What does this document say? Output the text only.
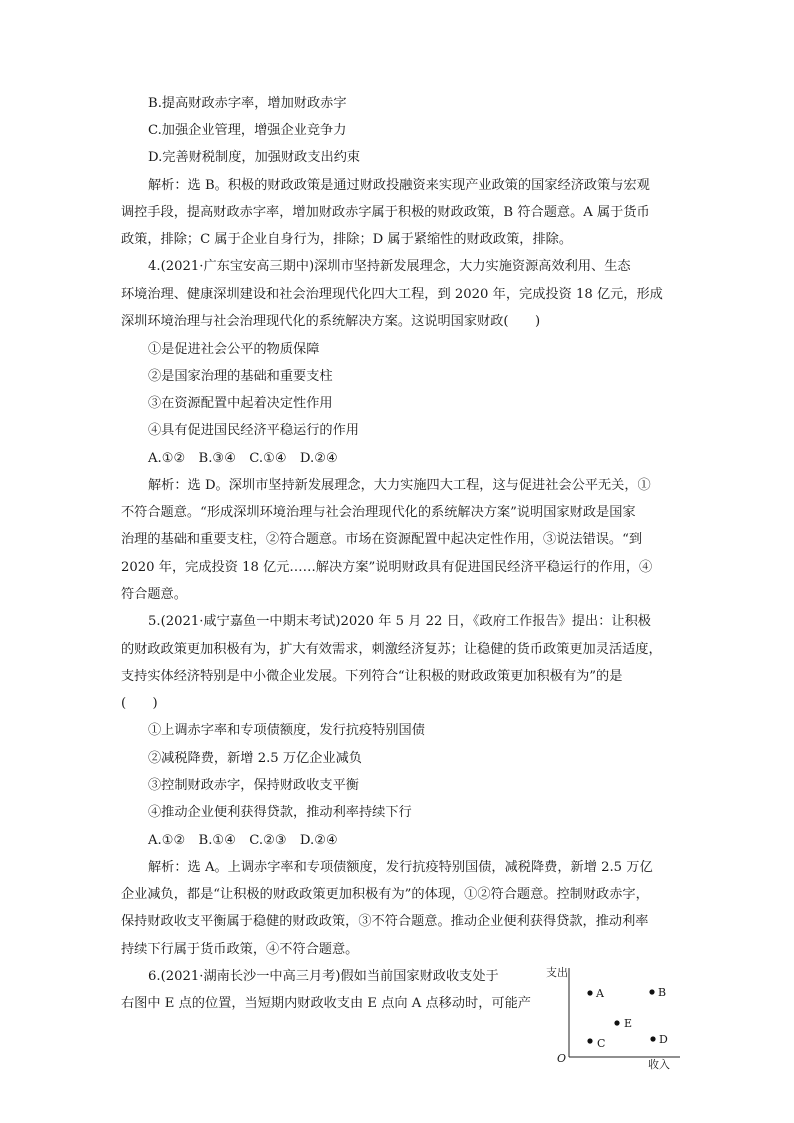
B.提高财政赤字率，增加财政赤字
C.加强企业管理，增强企业竞争力
D.完善财税制度，加强财政支出约束
解析：选 B。积极的财政政策是通过财政投融资来实现产业政策的国家经济政策与宏观
调控手段，提高财政赤字率，增加财政赤字属于积极的财政政策，B 符合题意。A 属于货币
政策，排除；C 属于企业自身行为，排除；D 属于紧缩性的财政政策，排除。
4.(2021·广东宝安高三期中)深圳市坚持新发展理念，大力实施资源高效利用、生态
环境治理、健康深圳建设和社会治理现代化四大工程，到 2020 年，完成投资 18 亿元，形成
深圳环境治理与社会治理现代化的系统解决方案。这说明国家财政(　　)
①是促进社会公平的物质保障
②是国家治理的基础和重要支柱
③在资源配置中起着决定性作用
④具有促进国民经济平稳运行的作用
A.①②　B.③④　C.①④　D.②④
解析：选 D。深圳市坚持新发展理念，大力实施四大工程，这与促进社会公平无关，①
不符合题意。“形成深圳环境治理与社会治理现代化的系统解决方案”说明国家财政是国家
治理的基础和重要支柱，②符合题意。市场在资源配置中起决定性作用，③说法错误。“到
2020 年，完成投资 18 亿元……解决方案”说明财政具有促进国民经济平稳运行的作用，④
符合题意。
5.(2021·咸宁嘉鱼一中期末考试)2020 年 5 月 22 日，《政府工作报告》提出：让积极
的财政政策更加积极有为，扩大有效需求，刺激经济复苏；让稳健的货币政策更加灵活适度，
支持实体经济特别是中小微企业发展。下列符合“让积极的财政政策更加积极有为”的是
(　　)
①上调赤字率和专项债额度，发行抗疫特别国债
②减税降费，新增 2.5 万亿企业减负
③控制财政赤字，保持财政收支平衡
④推动企业便利获得贷款，推动利率持续下行
A.①②　B.①④　C.②③　D.②④
解析：选 A。上调赤字率和专项债额度，发行抗疫特别国债，减税降费，新增 2.5 万亿
企业减负，都是“让积极的财政政策更加积极有为”的体现，①②符合题意。控制财政赤字，
保持财政收支平衡属于稳健的财政政策，③不符合题意。推动企业便利获得贷款，推动利率
持续下行属于货币政策，④不符合题意。
6.(2021·湖南长沙一中高三月考)假如当前国家财政收支处于
右图中 E 点的位置，当短期内财政收支由 E 点向 A 点移动时，可能产
支出
收入
O
A	B
C	D
E
